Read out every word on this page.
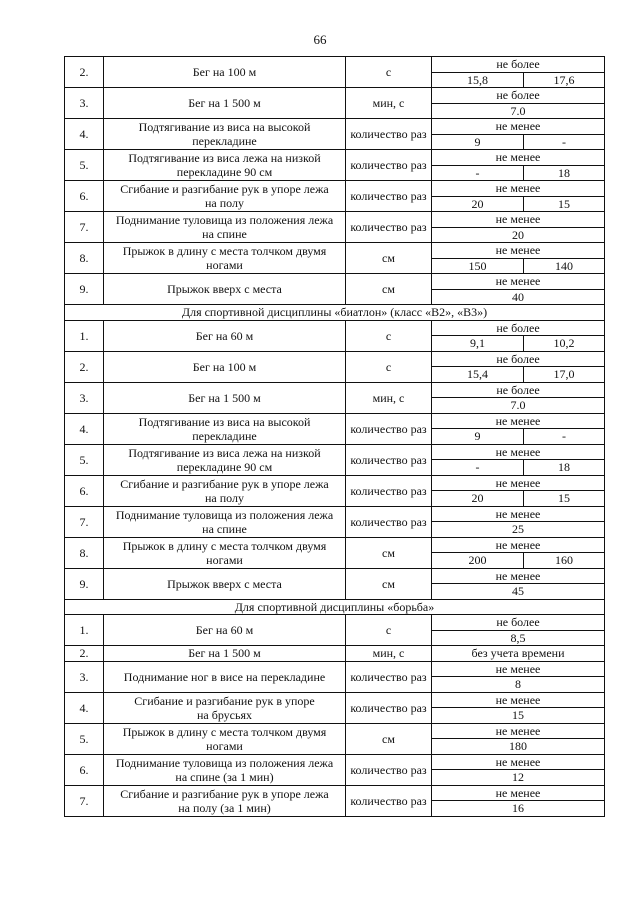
66
2.	Бег на 100 м	с	не более	
			15,8	17,6
3.	Бег на 1 500 м	мин, с	не более	
			7.0	
4.	Подтягивание из виса на высокой
перекладине	количество раз	не менее	
			9	-
5.	Подтягивание из виса лежа на низкой
перекладине 90 см	количество раз	не менее	
			-	18
6.	Сгибание и разгибание рук в упоре лежа
на полу	количество раз	не менее	
			20	15
7.	Поднимание туловища из положения лежа
на спине	количество раз	не менее	
			20	
8.	Прыжок в длину с места толчком двумя
ногами	см	не менее	
			150	140
9.	Прыжок вверх с места	см	не менее	
			40	
Для спортивной дисциплины «биатлон» (класс «В2», «В3»)				
1.	Бег на 60 м	с	не более	
			9,1	10,2
2.	Бег на 100 м	с	не более	
			15,4	17,0
3.	Бег на 1 500 м	мин, с	не более	
			7.0	
4.	Подтягивание из виса на высокой
перекладине	количество раз	не менее	
			9	-
5.	Подтягивание из виса лежа на низкой
перекладине 90 см	количество раз	не менее	
			-	18
6.	Сгибание и разгибание рук в упоре лежа
на полу	количество раз	не менее	
			20	15
7.	Поднимание туловища из положения лежа
на спине	количество раз	не менее	
			25	
8.	Прыжок в длину с места толчком двумя
ногами	см	не менее	
			200	160
9.	Прыжок вверх с места	см	не менее	
			45	
Для спортивной дисциплины «борьба»				
1.	Бег на 60 м	с	не более	
			8,5	
2.	Бег на 1 500 м	мин, с	без учета времени	
3.	Поднимание ног в висе на перекладине	количество раз	не менее	
			8	
4.	Сгибание и разгибание рук в упоре
на брусьях	количество раз	не менее	
			15	
5.	Прыжок в длину с места толчком двумя
ногами	см	не менее	
			180	
6.	Поднимание туловища из положения лежа
на спине (за 1 мин)	количество раз	не менее	
			12	
7.	Сгибание и разгибание рук в упоре лежа
на полу (за 1 мин)	количество раз	не менее	
			16	
